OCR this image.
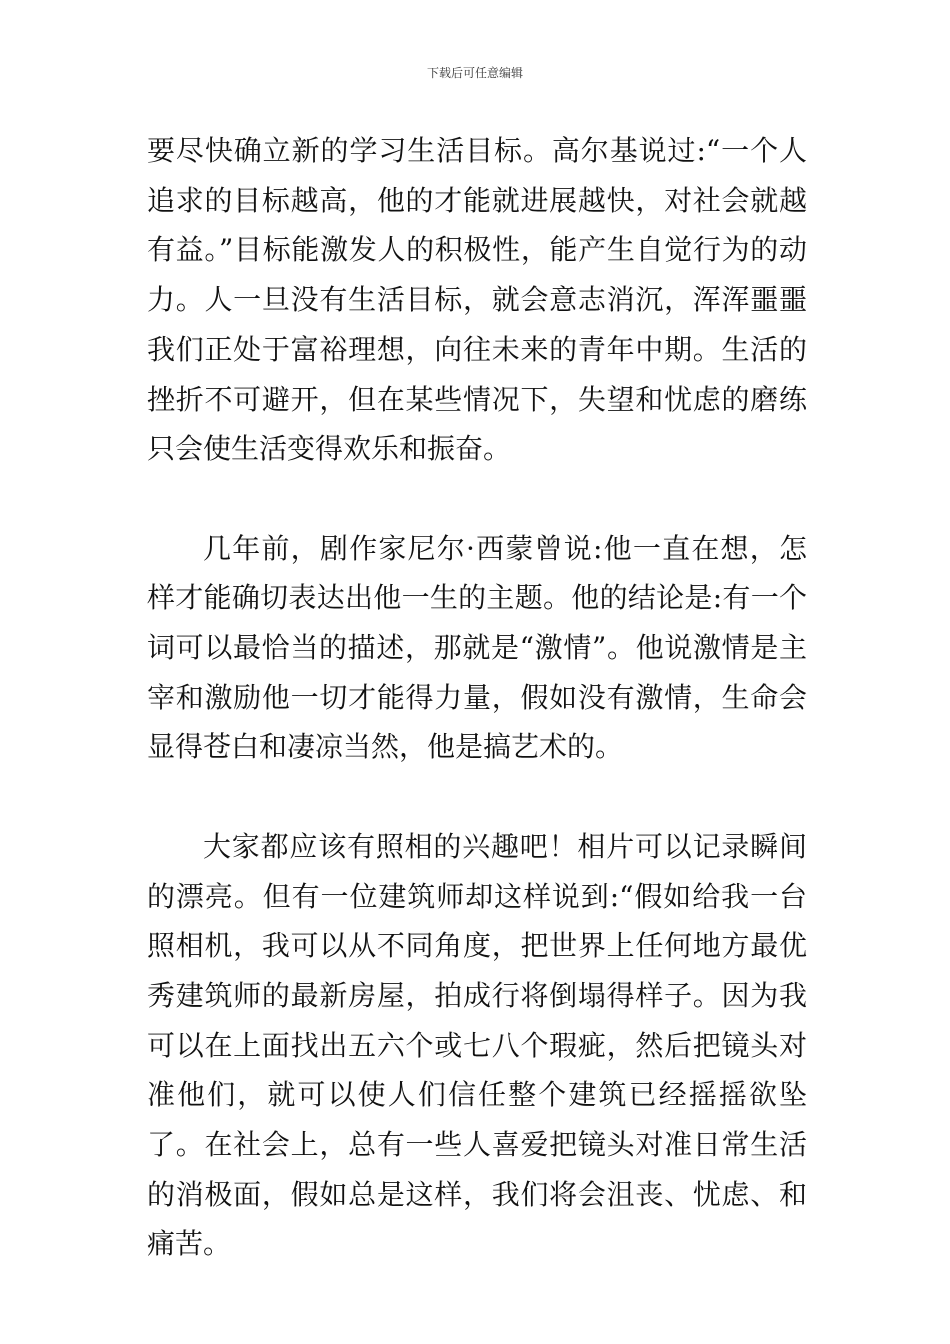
下载后可任意编辑

要尽快确立新的学习生活目标。高尔基说过:“一个人追求的目标越高，他的才能就进展越快，对社会就越有益。”目标能激发人的积极性，能产生自觉行为的动力。人一旦没有生活目标，就会意志消沉，浑浑噩噩我们正处于富裕理想，向往未来的青年中期。生活的挫折不可避开，但在某些情况下，失望和忧虑的磨练只会使生活变得欢乐和振奋。

几年前，剧作家尼尔·西蒙曾说:他一直在想，怎样才能确切表达出他一生的主题。他的结论是:有一个词可以最恰当的描述，那就是“激情”。他说激情是主宰和激励他一切才能得力量，假如没有激情，生命会显得苍白和凄凉当然，他是搞艺术的。

大家都应该有照相的兴趣吧！相片可以记录瞬间的漂亮。但有一位建筑师却这样说到:“假如给我一台照相机，我可以从不同角度，把世界上任何地方最优秀建筑师的最新房屋，拍成行将倒塌得样子。因为我可以在上面找出五六个或七八个瑕疵，然后把镜头对准他们，就可以使人们信任整个建筑已经摇摇欲坠了。在社会上，总有一些人喜爱把镜头对准日常生活的消极面，假如总是这样，我们将会沮丧、忧虑、和痛苦。
